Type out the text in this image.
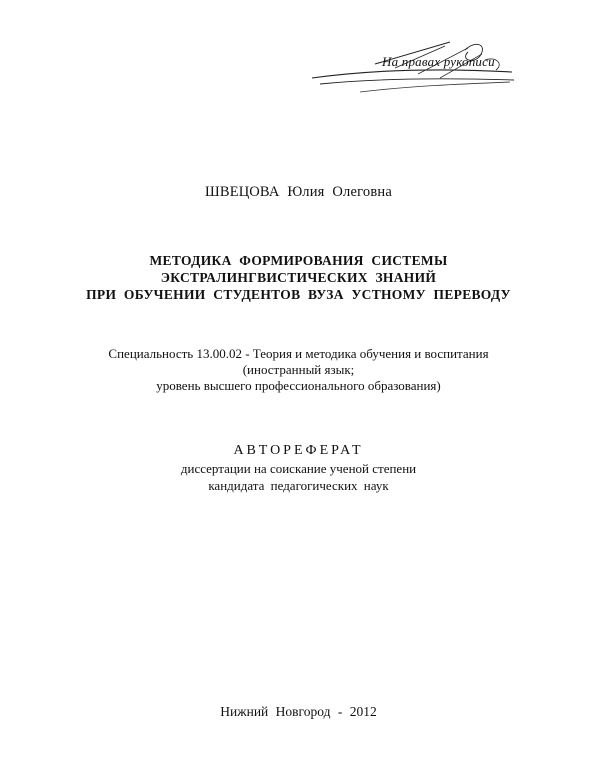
На правах рукописи
ШВЕЦОВА Юлия Олеговна
МЕТОДИКА ФОРМИРОВАНИЯ СИСТЕМЫ
ЭКСТРАЛИНГВИСТИЧЕСКИХ ЗНАНИЙ
ПРИ ОБУЧЕНИИ СТУДЕНТОВ ВУЗА УСТНОМУ ПЕРЕВОДУ
Специальность 13.00.02 - Теория и методика обучения и воспитания
(иностранный язык;
уровень высшего профессионального образования)
АВТОРЕФЕРАТ
диссертации на соискание ученой степени
кандидата педагогических наук
Нижний Новгород - 2012
